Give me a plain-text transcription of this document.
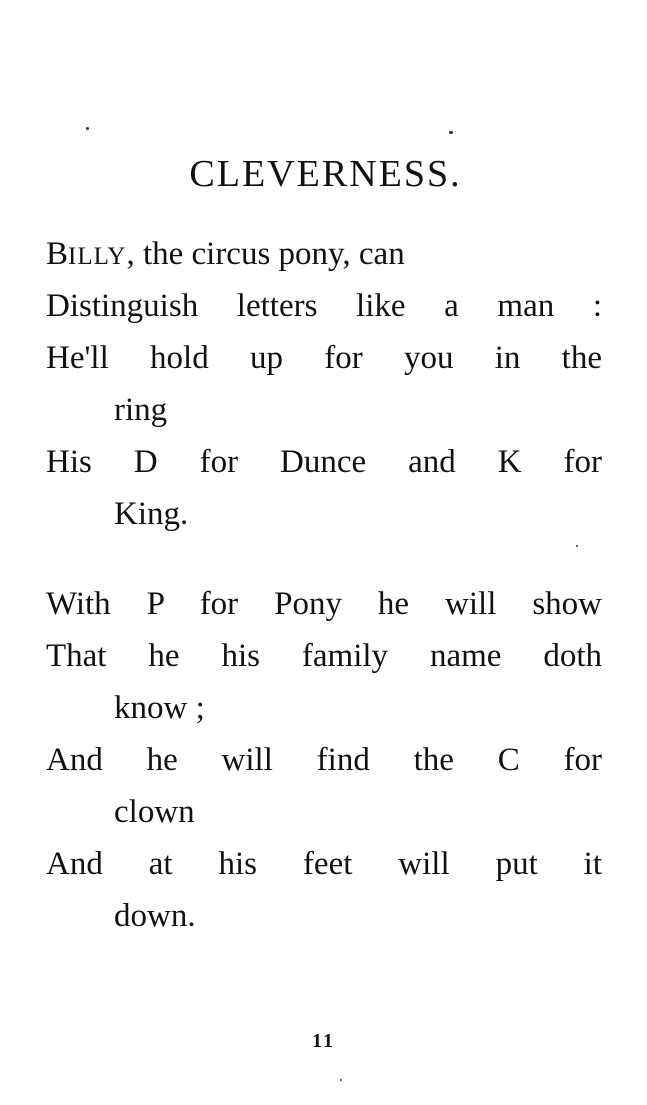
CLEVERNESS.
BILLY, the circus pony, can
Distinguish letters like a man :
He'll hold up for you in the
ring
His D for Dunce and K for
King.
With P for Pony he will show
That he his family name doth
know ;
And he will find the C for
clown
And at his feet will put it
down.
11
